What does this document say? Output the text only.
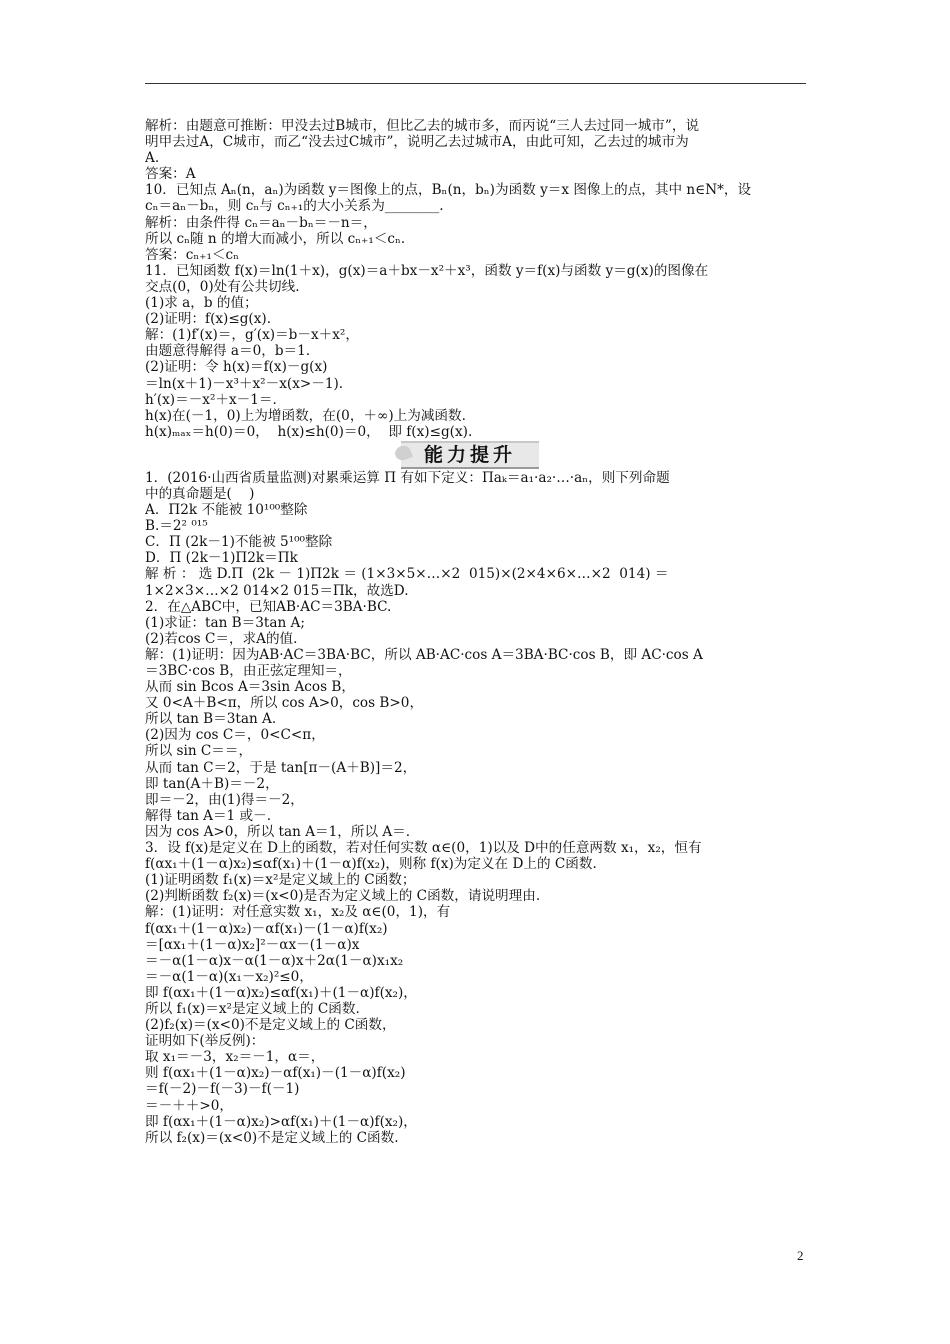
解析：由题意可推断：甲没去过B城市，但比乙去的城市多，而丙说“三人去过同一城市”，说
明甲去过A，C城市，而乙“没去过C城市”，说明乙去过城市A，由此可知，乙去过的城市为
A.
答案：A
10．已知点 Aₙ(n，aₙ)为函数 y＝图像上的点，Bₙ(n，bₙ)为函数 y＝x 图像上的点，其中 n∈N*，设
cₙ＝aₙ－bₙ，则 cₙ与 cₙ₊₁的大小关系为________.
解析：由条件得 cₙ＝aₙ－bₙ＝－n＝，
所以 cₙ随 n 的增大而减小，所以 cₙ₊₁＜cₙ.
答案：cₙ₊₁＜cₙ
11．已知函数 f(x)＝ln(1＋x)，g(x)＝a＋bx－x²＋x³，函数 y＝f(x)与函数 y＝g(x)的图像在
交点(0，0)处有公共切线.
(1)求 a，b 的值；
(2)证明：f(x)≤g(x).
解：(1)f′(x)＝，g′(x)＝b－x＋x²，
由题意得解得 a＝0，b＝1.
(2)证明：令 h(x)＝f(x)－g(x)
＝ln(x＋1)－x³＋x²－x(x>－1).
h′(x)＝－x²＋x－1＝.
h(x)在(－1，0)上为增函数，在(0，＋∞)上为减函数.
h(x)ₘₐₓ＝h(0)＝0，  h(x)≤h(0)＝0，  即 f(x)≤g(x).
能力提升
1．(2016·山西省质量监测)对累乘运算 Π 有如下定义：Πaₖ＝a₁·a₂·…·aₙ，则下列命题
中的真命题是(    )
A．Π2k 不能被 10¹⁰⁰整除
B.＝2² ⁰¹⁵
C．Π (2k－1)不能被 5¹⁰⁰整除
D．Π (2k－1)Π2k＝Πk
解 析 ： 选 D.Π  (2k － 1)Π2k ＝ (1×3×5×…×2  015)×(2×4×6×…×2  014) ＝
1×2×3×…×2 014×2 015＝Πk，故选D.
2．在△ABC中，已知AB·AC＝3BA·BC.
(1)求证：tan B＝3tan A;
(2)若cos C＝，求A的值.
解：(1)证明：因为AB·AC＝3BA·BC，所以 AB·AC·cos A＝3BA·BC·cos B，即 AC·cos A
＝3BC·cos B，由正弦定理知＝，
从而 sin Bcos A＝3sin Acos B，
又 0<A＋B<π，所以 cos A>0，cos B>0，
所以 tan B＝3tan A.
(2)因为 cos C＝，0<C<π，
所以 sin C＝＝，
从而 tan C＝2，于是 tan[π－(A＋B)]＝2，
即 tan(A＋B)＝－2，
即＝－2，由(1)得＝－2，
解得 tan A＝1 或－.
因为 cos A>0，所以 tan A＝1，所以 A＝.
3．设 f(x)是定义在 D上的函数，若对任何实数 α∈(0，1)以及 D中的任意两数 x₁，x₂，恒有
f(αx₁＋(1－α)x₂)≤αf(x₁)＋(1－α)f(x₂)，则称 f(x)为定义在 D上的 C函数.
(1)证明函数 f₁(x)＝x²是定义域上的 C函数；
(2)判断函数 f₂(x)＝(x<0)是否为定义域上的 C函数，请说明理由.
解：(1)证明：对任意实数 x₁，x₂及 α∈(0，1)，有
f(αx₁＋(1－α)x₂)－αf(x₁)－(1－α)f(x₂)
＝[αx₁＋(1－α)x₂]²－αx－(1－α)x
＝－α(1－α)x－α(1－α)x＋2α(1－α)x₁x₂
＝－α(1－α)(x₁－x₂)²≤0，
即 f(αx₁＋(1－α)x₂)≤αf(x₁)＋(1－α)f(x₂)，
所以 f₁(x)＝x²是定义域上的 C函数.
(2)f₂(x)＝(x<0)不是定义域上的 C函数，
证明如下(举反例)：
取 x₁＝－3，x₂＝－1，α＝，
则 f(αx₁＋(1－α)x₂)－αf(x₁)－(1－α)f(x₂)
＝f(－2)－f(－3)－f(－1)
＝－＋＋>0，
即 f(αx₁＋(1－α)x₂)>αf(x₁)＋(1－α)f(x₂)，
所以 f₂(x)＝(x<0)不是定义域上的 C函数.
2
